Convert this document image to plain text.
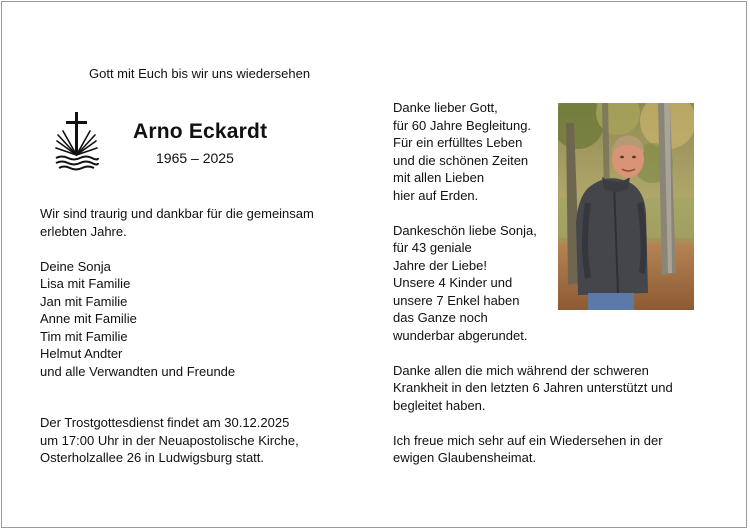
Gott mit Euch bis wir uns wiedersehen
Arno Eckardt
1965 – 2025
Wir sind traurig und dankbar für die gemeinsam
erlebten Jahre.
Deine Sonja
Lisa mit Familie
Jan mit Familie
Anne mit Familie
Tim mit Familie
Helmut Andter
und alle Verwandten und Freunde
Der Trostgottesdienst findet am 30.12.2025
um 17:00 Uhr in der Neuapostolische Kirche,
Osterholzallee 26 in Ludwigsburg statt.
Danke lieber Gott,
für 60 Jahre Begleitung.
Für ein erfülltes Leben
und die schönen Zeiten
mit allen Lieben
hier auf Erden.
Dankeschön liebe Sonja,
für 43 geniale
Jahre der Liebe!
Unsere 4 Kinder und
unsere 7 Enkel haben
das Ganze noch
wunderbar abgerundet.
Danke allen die mich während der schweren
Krankheit in den letzten 6 Jahren unterstützt und
begleitet haben.
Ich freue mich sehr auf ein Wiedersehen in der
ewigen Glaubensheimat.
